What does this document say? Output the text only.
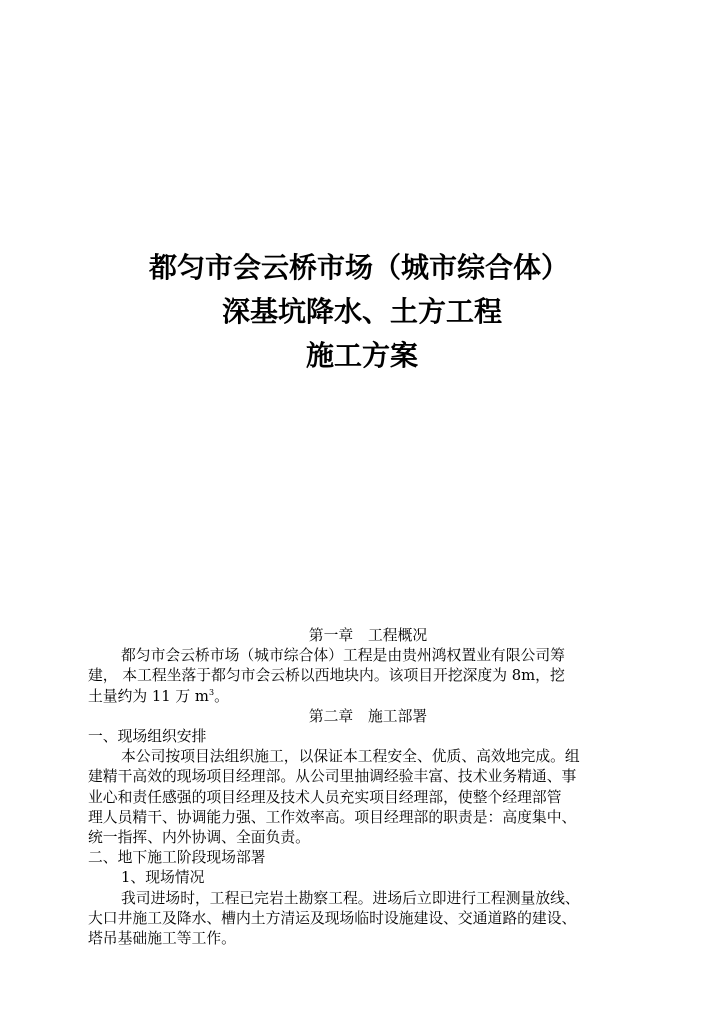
都匀市会云桥市场（城市综合体）
深基坑降水、土方工程
施工方案
第一章　工程概况
都匀市会云桥市场（城市综合体）工程是由贵州鸿权置业有限公司筹
建， 本工程坐落于都匀市会云桥以西地块内。该项目开挖深度为 8m，挖
土量约为 11 万 $m^3$。
第二章　施工部署
一、现场组织安排
本公司按项目法组织施工，以保证本工程安全、优质、高效地完成。组
建精干高效的现场项目经理部。从公司里抽调经验丰富、技术业务精通、事
业心和责任感强的项目经理及技术人员充实项目经理部，使整个经理部管
理人员精干、协调能力强、工作效率高。项目经理部的职责是：高度集中、
统一指挥、内外协调、全面负责。
二、地下施工阶段现场部署
1、现场情况
我司进场时，工程已完岩土勘察工程。进场后立即进行工程测量放线、
大口井施工及降水、槽内土方清运及现场临时设施建设、交通道路的建设、
塔吊基础施工等工作。
